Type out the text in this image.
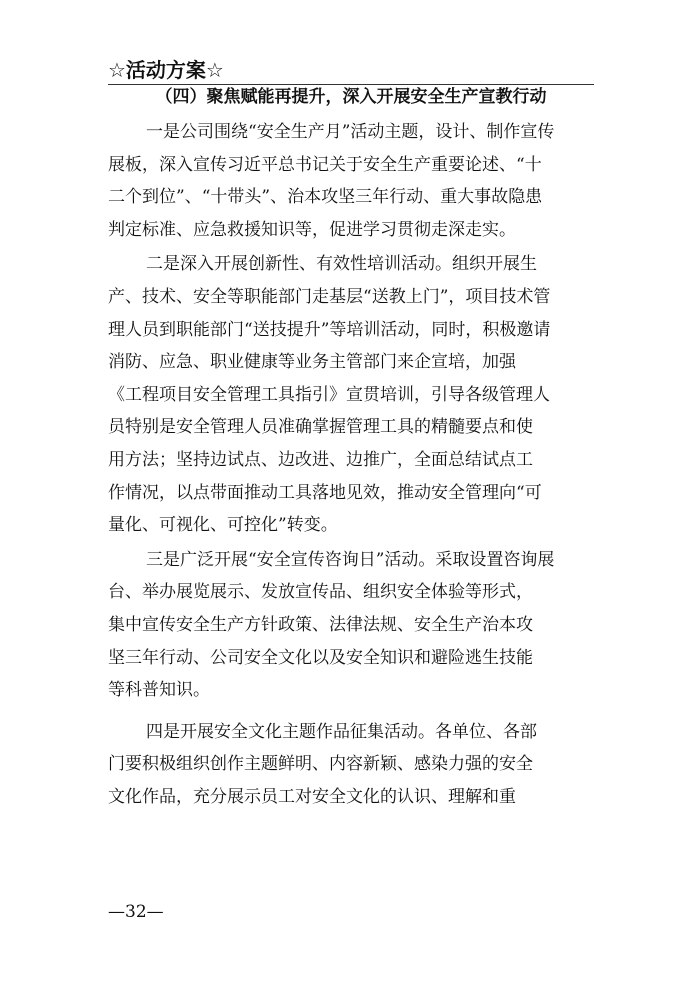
☆活动方案☆
（四）聚焦赋能再提升，深入开展安全生产宣教行动
一是公司围绕“安全生产月”活动主题，设计、制作宣传
展板，深入宣传习近平总书记关于安全生产重要论述、“十
二个到位”、“十带头”、治本攻坚三年行动、重大事故隐患
判定标准、应急救援知识等，促进学习贯彻走深走实。
二是深入开展创新性、有效性培训活动。组织开展生
产、技术、安全等职能部门走基层“送教上门”，项目技术管
理人员到职能部门“送技提升”等培训活动，同时，积极邀请
消防、应急、职业健康等业务主管部门来企宣培，加强
《工程项目安全管理工具指引》宣贯培训，引导各级管理人
员特别是安全管理人员准确掌握管理工具的精髓要点和使
用方法；坚持边试点、边改进、边推广，全面总结试点工
作情况，以点带面推动工具落地见效，推动安全管理向“可
量化、可视化、可控化”转变。
三是广泛开展“安全宣传咨询日”活动。采取设置咨询展
台、举办展览展示、发放宣传品、组织安全体验等形式，
集中宣传安全生产方针政策、法律法规、安全生产治本攻
坚三年行动、公司安全文化以及安全知识和避险逃生技能
等科普知识。
四是开展安全文化主题作品征集活动。各单位、各部
门要积极组织创作主题鲜明、内容新颖、感染力强的安全
文化作品，充分展示员工对安全文化的认识、理解和重
—32—
